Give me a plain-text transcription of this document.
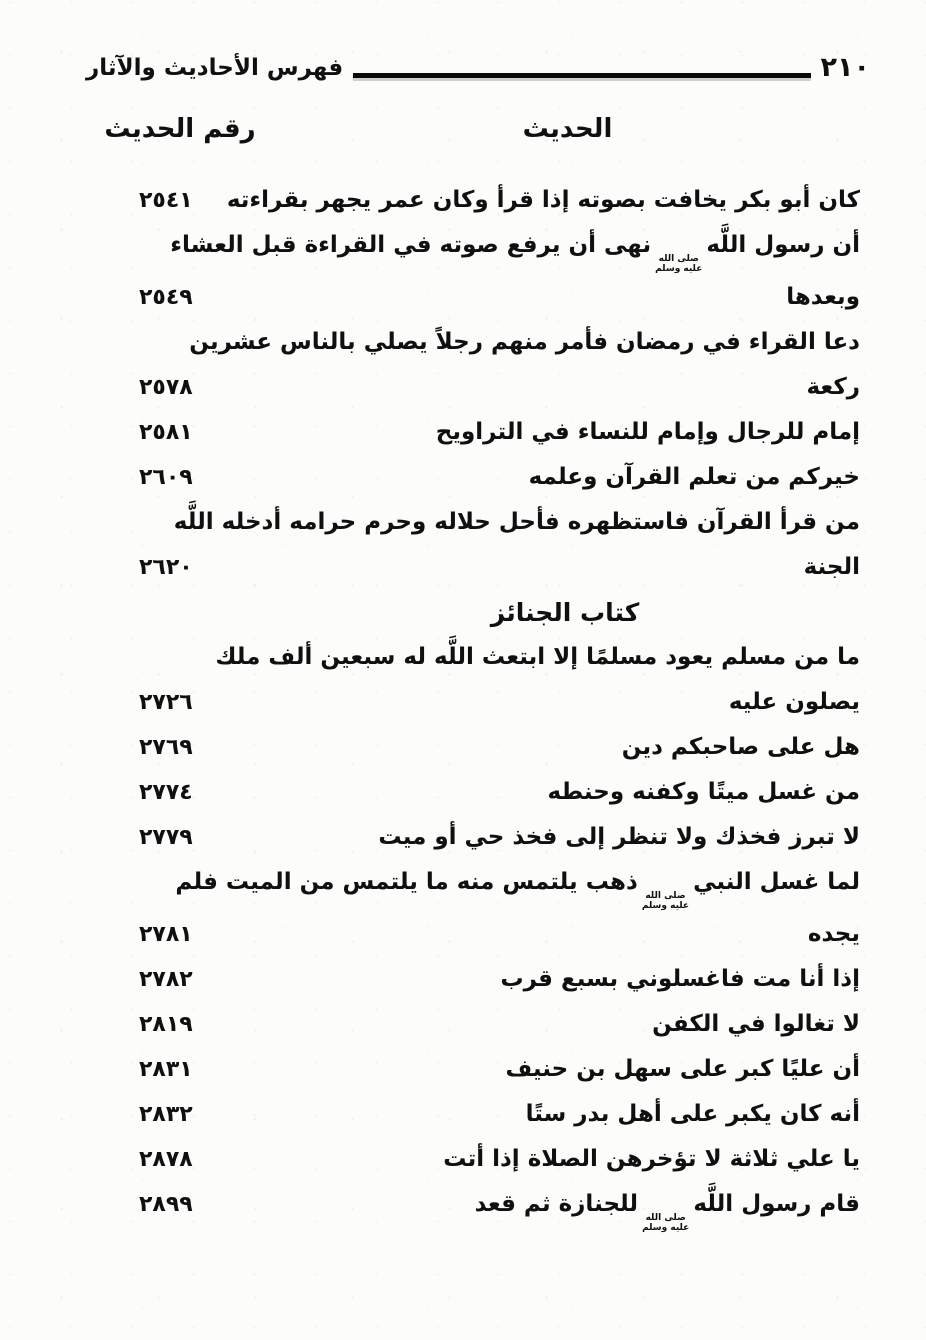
٢١٠
فهرس الأحاديث والآثار
الحديث
رقم الحديث
كان أبو بكر يخافت بصوته إذا قرأ وكان عمر يجهر بقراءته
٢٥٤١
أن رسول اللَّه
صلى الله
عليه وسلم
نهى أن يرفع صوته في القراءة قبل العشاء
وبعدها
٢٥٤٩
دعا القراء في رمضان فأمر منهم رجلاً يصلي بالناس عشرين
ركعة
٢٥٧٨
إمام للرجال وإمام للنساء في التراويح
٢٥٨١
خيركم من تعلم القرآن وعلمه
٢٦٠٩
من قرأ القرآن فاستظهره فأحل حلاله وحرم حرامه أدخله اللَّه
الجنة
٢٦٢٠
كتاب الجنائز
ما من مسلم يعود مسلمًا إلا ابتعث اللَّه له سبعين ألف ملك
يصلون عليه
٢٧٢٦
هل على صاحبكم دين
٢٧٦٩
من غسل ميتًا وكفنه وحنطه
٢٧٧٤
لا تبرز فخذك ولا تنظر إلى فخذ حي أو ميت
٢٧٧٩
لما غسل النبي
صلى الله
عليه وسلم
ذهب يلتمس منه ما يلتمس من الميت فلم
يجده
٢٧٨١
إذا أنا مت فاغسلوني بسبع قرب
٢٧٨٢
لا تغالوا في الكفن
٢٨١٩
أن عليًا كبر على سهل بن حنيف
٢٨٣١
أنه كان يكبر على أهل بدر ستًا
٢٨٣٢
يا علي ثلاثة لا تؤخرهن الصلاة إذا أتت
٢٨٧٨
قام رسول اللَّه
صلى الله
عليه وسلم
للجنازة ثم قعد
٢٨٩٩
